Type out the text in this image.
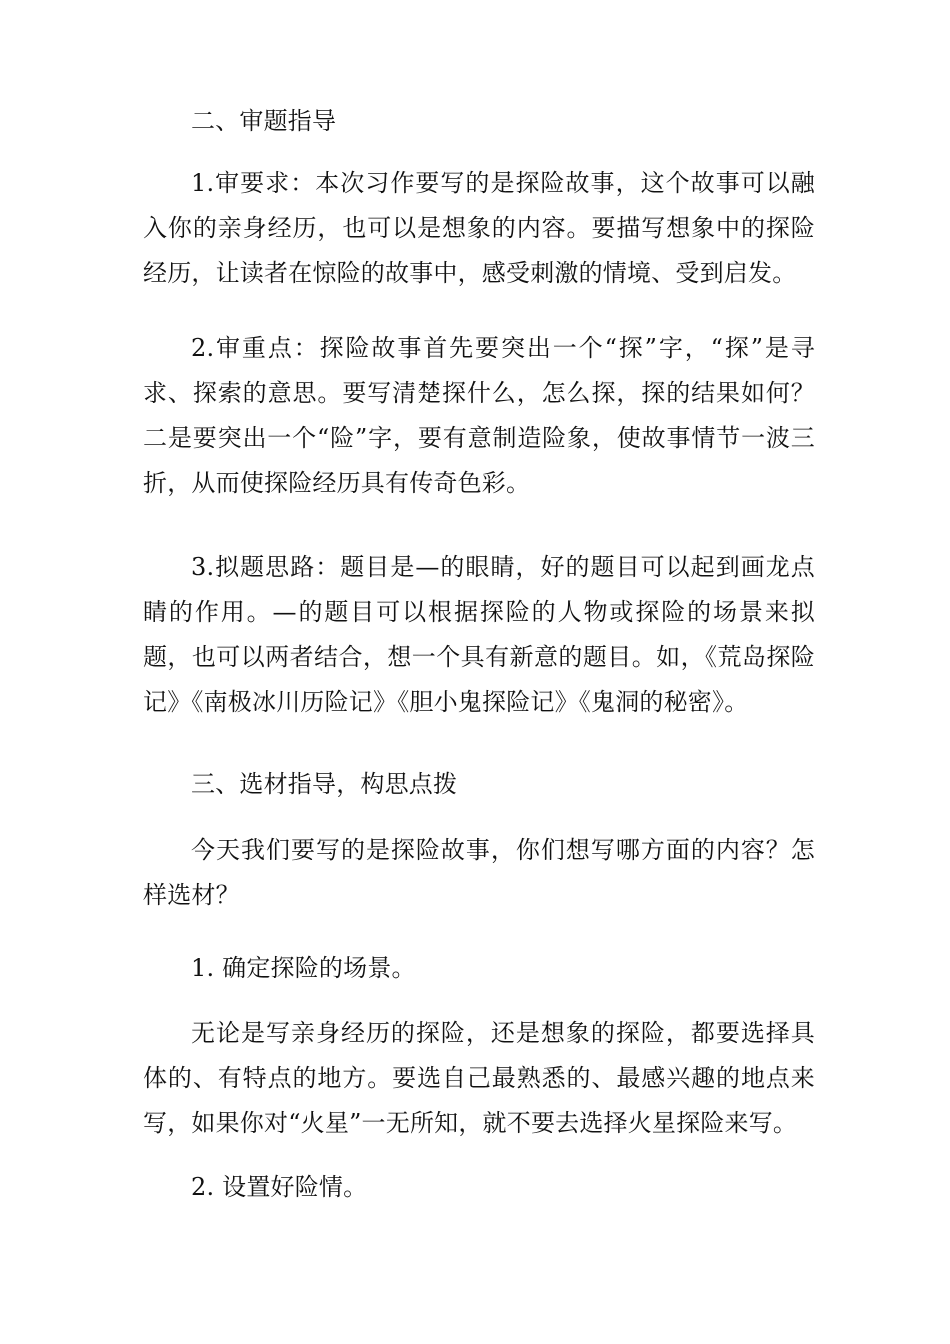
二、审题指导

1.审要求：本次习作要写的是探险故事，这个故事可以融入你的亲身经历，也可以是想象的内容。要描写想象中的探险经历，让读者在惊险的故事中，感受刺激的情境、受到启发。

2.审重点：探险故事首先要突出一个“探”字，“探”是寻求、探索的意思。要写清楚探什么，怎么探，探的结果如何？二是要突出一个“险”字，要有意制造险象，使故事情节一波三折，从而使探险经历具有传奇色彩。

3.拟题思路：题目是—的眼睛，好的题目可以起到画龙点睛的作用。—的题目可以根据探险的人物或探险的场景来拟题，也可以两者结合，想一个具有新意的题目。如，《荒岛探险记》《南极冰川历险记》《胆小鬼探险记》《鬼洞的秘密》。

三、选材指导，构思点拨

今天我们要写的是探险故事，你们想写哪方面的内容？怎样选材？

1. 确定探险的场景。

无论是写亲身经历的探险，还是想象的探险，都要选择具体的、有特点的地方。要选自己最熟悉的、最感兴趣的地点来写，如果你对“火星”一无所知，就不要去选择火星探险来写。

2. 设置好险情。
